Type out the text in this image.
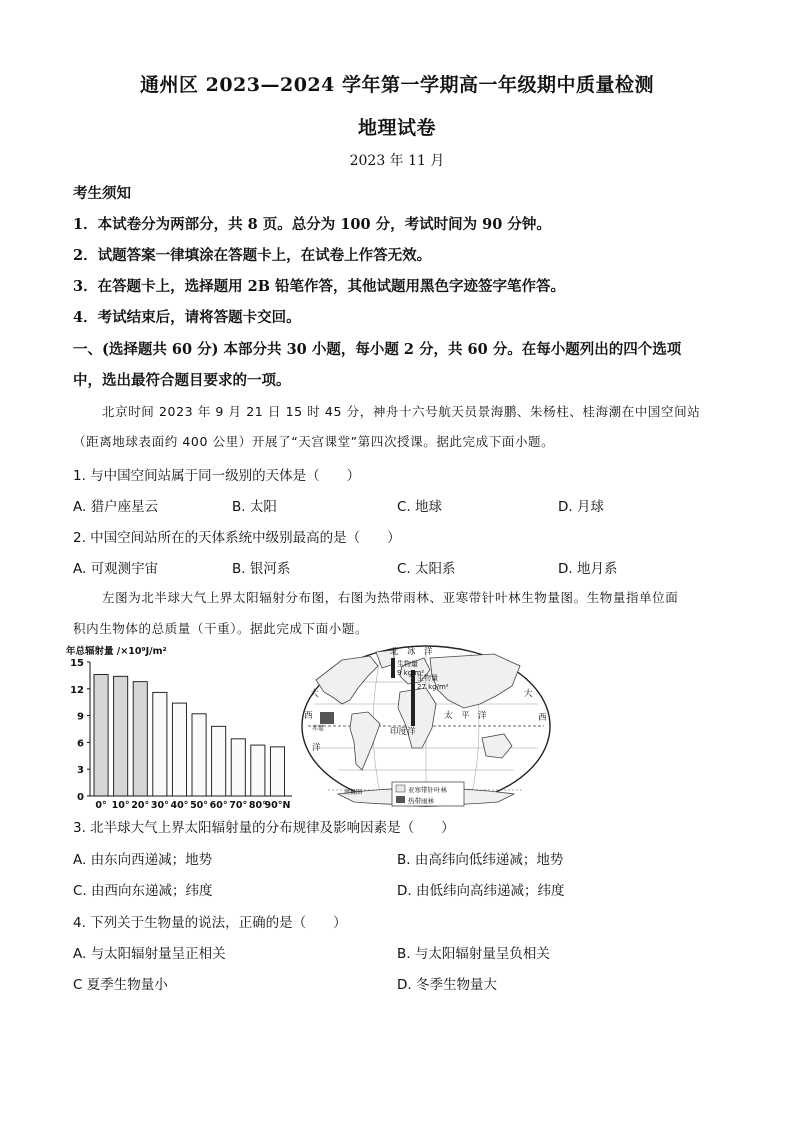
通州区 2023—2024 学年第一学期高一年级期中质量检测
地理试卷
2023 年 11 月
考生须知
1．本试卷分为两部分，共 8 页。总分为 100 分，考试时间为 90 分钟。
2．试题答案一律填涂在答题卡上，在试卷上作答无效。
3．在答题卡上，选择题用 2B 铅笔作答，其他试题用黑色字迹签字笔作答。
4．考试结束后，请将答题卡交回。
一、(选择题共 60 分) 本部分共 30 小题，每小题 2 分，共 60 分。在每小题列出的四个选项
中，选出最符合题目要求的一项。
北京时间 2023 年 9 月 21 日 15 时 45 分，神舟十六号航天员景海鹏、朱杨柱、桂海潮在中国空间站
（距离地球表面约 400 公里）开展了“天宫课堂”第四次授课。据此完成下面小题。
1. 与中国空间站属于同一级别的天体是（　　）
A. 猎户座星云	B. 太阳	C. 地球	D. 月球
2. 中国空间站所在的天体系统中级别最高的是（　　）
A. 可观测宇宙	B. 银河系	C. 太阳系	D. 地月系
左图为北半球大气上界太阳辐射分布图，右图为热带雨林、亚寒带针叶林生物量图。生物量指单位面
积内生物体的总质量（干重）。据此完成下面小题。
年总辐射量 /×10⁹J/m²
0
3
6
9
12
15
0° 10° 20° 30° 40° 50° 60° 70° 80°
90°N
北　冰　洋
生物量
9 kg/m²
生物量
27 kg/m²
太　平　洋
印度洋
大
西
洋
大
西
赤道
南极圈	亚寒带针叶林
热带雨林
3. 北半球大气上界太阳辐射量的分布规律及影响因素是（　　）
A. 由东向西递减；地势	B. 由高纬向低纬递减；地势
C. 由西向东递减；纬度	D. 由低纬向高纬递减；纬度
4. 下列关于生物量的说法，正确的是（　　）
A. 与太阳辐射量呈正相关	B. 与太阳辐射量呈负相关
C 夏季生物量小	D. 冬季生物量大
